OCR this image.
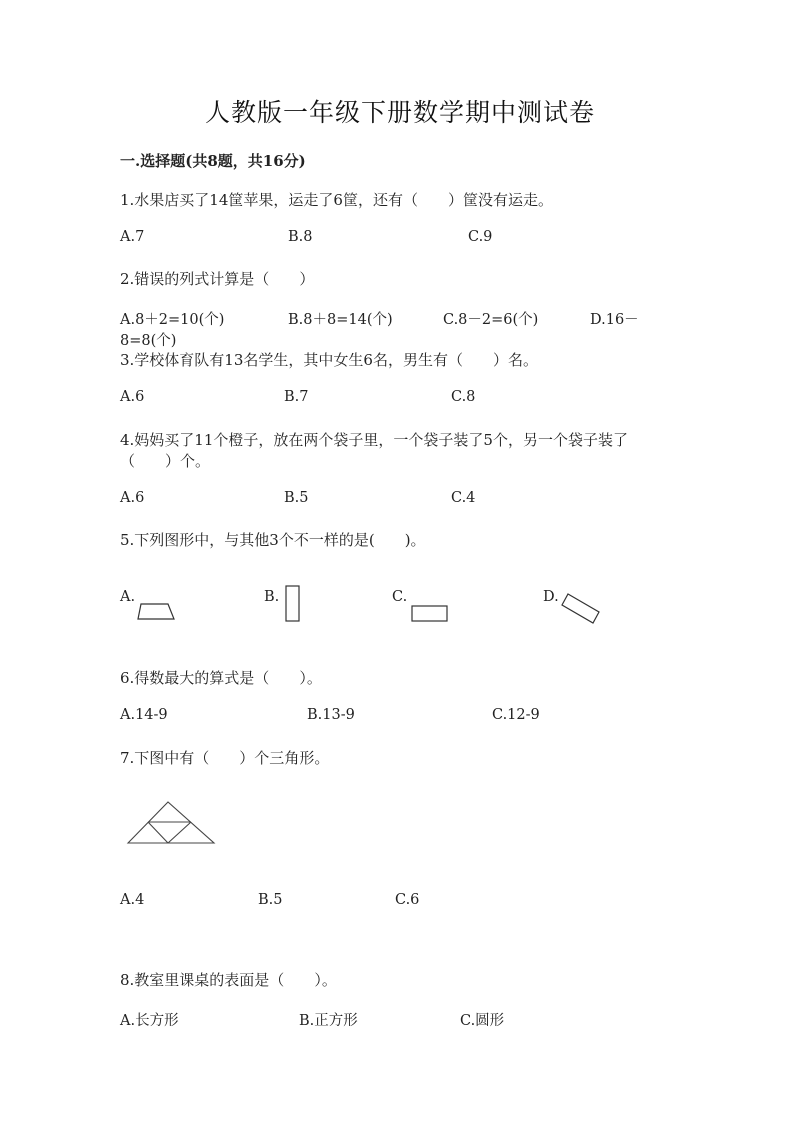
人教版一年级下册数学期中测试卷
一.选择题(共8题，共16分)
1.水果店买了14筐苹果，运走了6筐，还有（　　）筐没有运走。
A.7	B.8	C.9
2.错误的列式计算是（　　）
A.8＋2=10(个)	B.8＋8=14(个)	C.8－2=6(个)	D.16－
8=8(个)
3.学校体育队有13名学生，其中女生6名，男生有（　　）名。
A.6	B.7	C.8
4.妈妈买了11个橙子，放在两个袋子里，一个袋子装了5个，另一个袋子装了
（　　）个。
A.6	B.5	C.4
5.下列图形中，与其他3个不一样的是(　　)。
A.	B.	C.	D.
6.得数最大的算式是（　　）。
A.14-9	B.13-9	C.12-9
7.下图中有（　　）个三角形。
A.4	B.5	C.6
8.教室里课桌的表面是（　　）。
A.长方形	B.正方形	C.圆形
